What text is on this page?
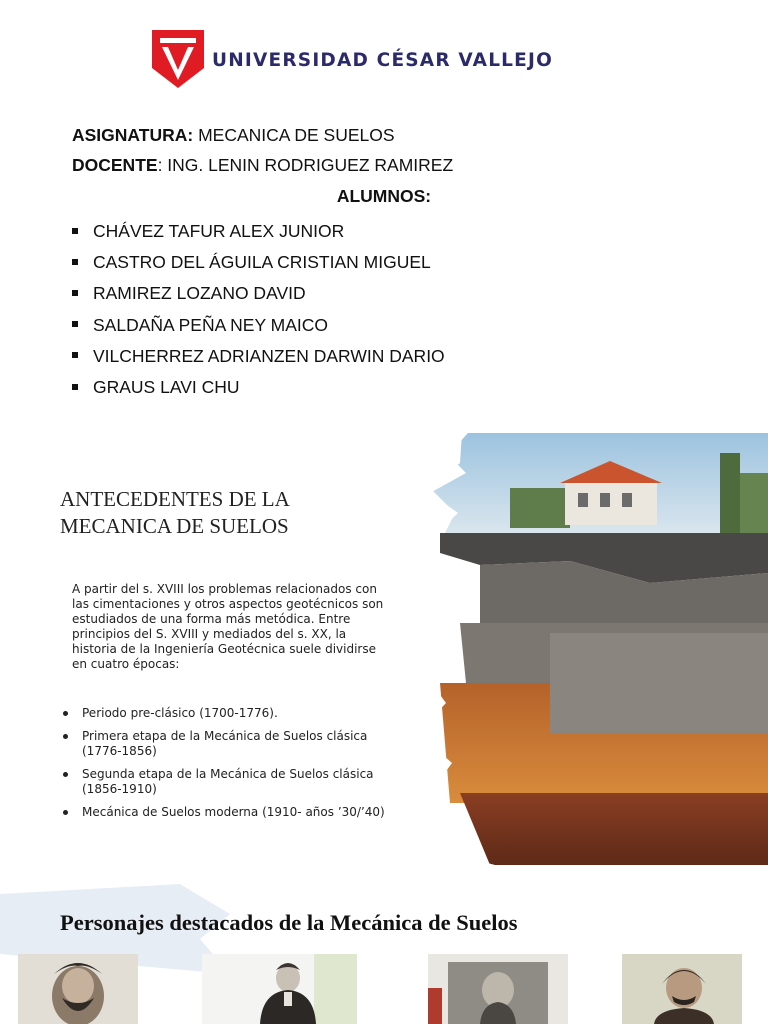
UNIVERSIDAD CÉSAR VALLEJO
ASIGNATURA: MECANICA DE SUELOS
DOCENTE: ING. LENIN RODRIGUEZ RAMIREZ
ALUMNOS:
CHÁVEZ TAFUR ALEX JUNIOR
CASTRO DEL ÁGUILA CRISTIAN MIGUEL
RAMIREZ LOZANO DAVID
SALDAÑA PEÑA NEY MAICO
VILCHERREZ ADRIANZEN DARWIN DARIO
GRAUS LAVI CHU
ANTECEDENTES DE LA MECANICA DE SUELOS

A partir del s. XVIII los problemas relacionados con las cimentaciones y otros aspectos geotécnicos son estudiados de una forma más metódica. Entre principios del S. XVIII y mediados del s. XX, la historia de la Ingeniería Geotécnica suele dividirse en cuatro épocas:

Periodo pre-clásico (1700-1776).
Primera etapa de la Mecánica de Suelos clásica (1776-1856)
Segunda etapa de la Mecánica de Suelos clásica (1856-1910)
Mecánica de Suelos moderna (1910- años ’30/’40)
Personajes destacados de la Mecánica de Suelos
